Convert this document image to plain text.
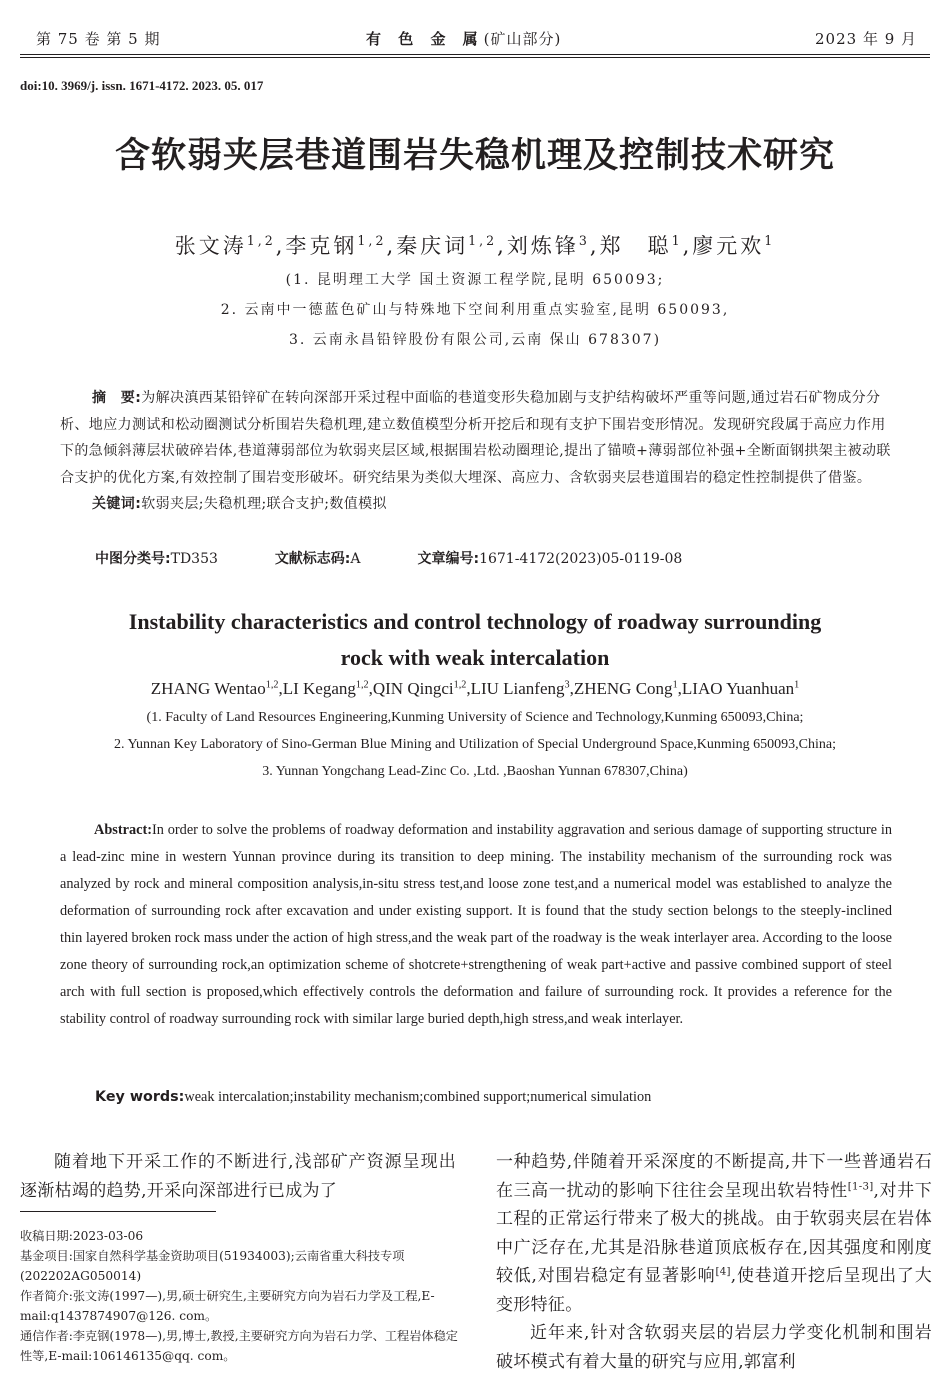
第 75 卷 第 5 期	有 色 金 属(矿山部分)	2023 年 9 月
doi:10. 3969/j. issn. 1671-4172. 2023. 05. 017
含软弱夹层巷道围岩失稳机理及控制技术研究
张文涛$^{1,2}$,李克钢$^{1,2}$,秦庆词$^{1,2}$,刘炼锋$^3$,郑　聪$^1$,廖元欢$^1$
(1. 昆明理工大学 国土资源工程学院,昆明 650093;
2. 云南中一德蓝色矿山与特殊地下空间利用重点实验室,昆明 650093,
3. 云南永昌铅锌股份有限公司,云南 保山 678307)

摘　要:为解决滇西某铅锌矿在转向深部开采过程中面临的巷道变形失稳加剧与支护结构破坏严重等问题,通过岩石矿物成分分析、地应力测试和松动圈测试分析围岩失稳机理,建立数值模型分析开挖后和现有支护下围岩变形情况。发现研究段属于高应力作用下的急倾斜薄层状破碎岩体,巷道薄弱部位为软弱夹层区域,根据围岩松动圈理论,提出了锚喷+薄弱部位补强+全断面钢拱架主被动联合支护的优化方案,有效控制了围岩变形破坏。研究结果为类似大埋深、高应力、含软弱夹层巷道围岩的稳定性控制提供了借鉴。

关键词:软弱夹层;失稳机理;联合支护;数值模拟

中图分类号:TD353	文献标志码:A	文章编号:1671-4172(2023)05-0119-08
Instability characteristics and control technology of roadway surrounding
rock with weak intercalation
ZHANG Wentao$^{1,2}$,LI Kegang$^{1,2}$,QIN Qingci$^{1,2}$,LIU Lianfeng$^3$,ZHENG Cong$^1$,LIAO Yuanhuan$^1$
(1. Faculty of Land Resources Engineering,Kunming University of Science and Technology,Kunming 650093,China;
2. Yunnan Key Laboratory of Sino-German Blue Mining and Utilization of Special Underground Space,Kunming 650093,China;
3. Yunnan Yongchang Lead-Zinc Co. ,Ltd. ,Baoshan Yunnan 678307,China)
Abstract:In order to solve the problems of roadway deformation and instability aggravation and serious damage of supporting structure in a lead-zinc mine in western Yunnan province during its transition to deep mining. The instability mechanism of the surrounding rock was analyzed by rock and mineral composition analysis,in-situ stress test,and loose zone test,and a numerical model was established to analyze the deformation of surrounding rock after excavation and under existing support. It is found that the study section belongs to the steeply-inclined thin layered broken rock mass under the action of high stress,and the weak part of the roadway is the weak interlayer area. According to the loose zone theory of surrounding rock,an optimization scheme of shotcrete+strengthening of weak part+active and passive combined support of steel arch with full section is proposed,which effectively controls the deformation and failure of surrounding rock. It provides a reference for the stability control of roadway surrounding rock with similar large buried depth,high stress,and weak interlayer.
Key words:weak intercalation;instability mechanism;combined support;numerical simulation

随着地下开采工作的不断进行,浅部矿产资源呈现出逐渐枯竭的趋势,开采向深部进行已成为了

一种趋势,伴随着开采深度的不断提高,井下一些普通岩石在三高一扰动的影响下往往会呈现出软岩特性[1-3],对井下工程的正常运行带来了极大的挑战。由于软弱夹层在岩体中广泛存在,尤其是沿脉巷道顶底板存在,因其强度和刚度较低,对围岩稳定有显著影响[4],使巷道开挖后呈现出了大变形特征。

近年来,针对含软弱夹层的岩层力学变化机制和围岩破坏模式有着大量的研究与应用,郭富利

收稿日期:2023-03-06

基金项目:国家自然科学基金资助项目(51934003);云南省重大科技专项(202202AG050014)

作者简介:张文涛(1997—),男,硕士研究生,主要研究方向为岩石力学及工程,E-mail:q1437874907@126. com。

通信作者:李克钢(1978—),男,博士,教授,主要研究方向为岩石力学、工程岩体稳定性等,E-mail:106146135@qq. com。
